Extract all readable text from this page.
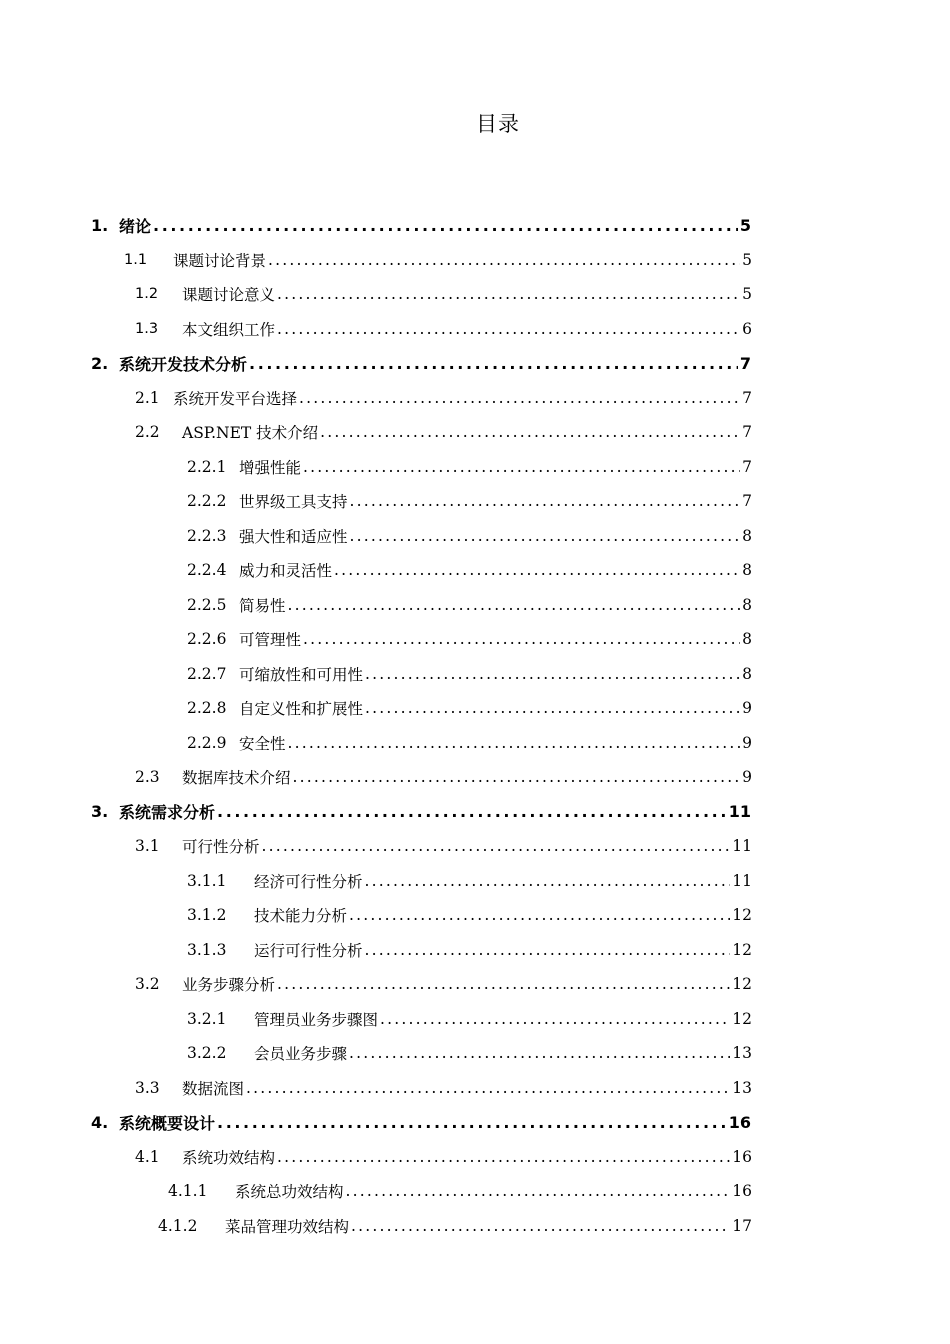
目录
1. 绪论 .....	5
1.1	课题讨论背景 .....	5
1.2	课题讨论意义 .....	5
1.3	本文组织工作 .....	6
2. 系统开发技术分析 .....	7
2.1 系统开发平台选择 .....	7
2.2	ASP.NET 技术介绍 .....	7
2.2.1 增强性能 .....	7
2.2.2 世界级工具支持 .....	7
2.2.3 强大性和适应性 .....	8
2.2.4 威力和灵活性 .....	8
2.2.5 简易性 .....	8
2.2.6 可管理性 .....	8
2.2.7 可缩放性和可用性 .....	8
2.2.8 自定义性和扩展性 .....	9
2.2.9 安全性 .....	9
2.3	数据库技术介绍 .....	9
3. 系统需求分析 .....	11
3.1	可行性分析 .....	11
3.1.1	经济可行性分析 .....	11
3.1.2	技术能力分析 .....	12
3.1.3	运行可行性分析 .....	12
3.2	业务步骤分析 .....	12
3.2.1	管理员业务步骤图 .....	12
3.2.2	会员业务步骤 .....	13
3.3	数据流图 .....	13
4. 系统概要设计 .....	16
4.1	系统功效结构 .....	16
4.1.1	系统总功效结构 .....	16
4.1.2	菜品管理功效结构 .....	17
